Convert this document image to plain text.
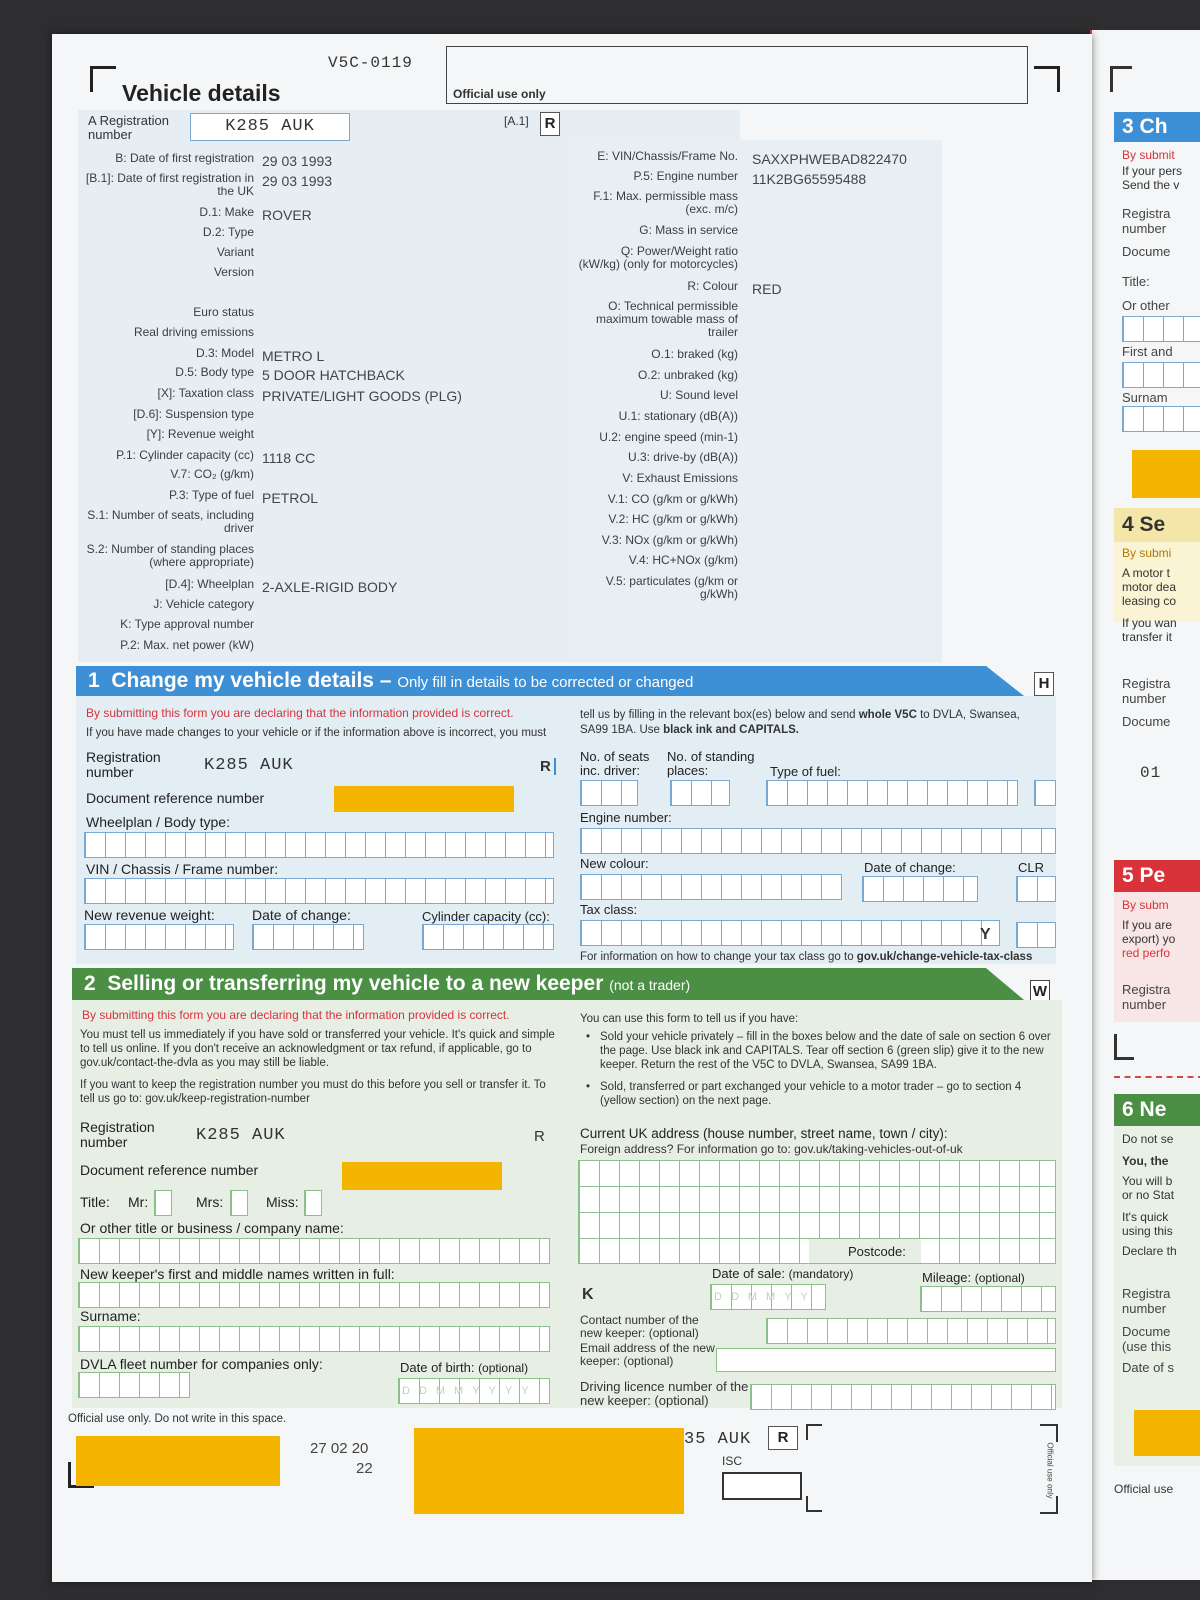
3 Ch
By submit
If your pers
Send the v
Registra number
Docume
Title:
Or other
First and
Surnam
4 Se
By submi
A motor t
motor dea
leasing co
If you wan
transfer it
Registra number
Docume
01
5 Pe
By subm
If you are
export) yo
red perfo
Registra number
6 Ne
Do not se
You, the
You will b
or no Stat
It's quick
using this
Declare th
Registra number
Docume (use this
Date of s
Official use
Vehicle details
V5C-0119
Official use only
A Registration number	K285 AUK	[A.1]	R
B: Date of first registration 29 03 1993
[B.1]: Date of first registration in the UK
29 03 1993
D.1: Make ROVER
D.2: Type
Variant
Version
Euro status
Real driving emissions
D.3: Model METRO L
D.5: Body type 5 DOOR HATCHBACK
[X]: Taxation class PRIVATE/LIGHT GOODS (PLG)
[D.6]: Suspension type
[Y]: Revenue weight
P.1: Cylinder capacity (cc) 1118 CC
V.7: CO₂ (g/km)
P.3: Type of fuel PETROL
S.1: Number of seats, including driver
S.2: Number of standing places (where appropriate)
[D.4]: Wheelplan 2-AXLE-RIGID BODY
J: Vehicle category
K: Type approval number
P.2: Max. net power (kW)
E: VIN/Chassis/Frame No. SAXXPHWEBAD822470
P.5: Engine number 11K2BG65595488
F.1: Max. permissible mass (exc. m/c)
G: Mass in service
Q: Power/Weight ratio (kW/kg) (only for motorcycles)
R: Colour RED
O: Technical permissible maximum towable mass of trailer
O.1: braked (kg)
O.2: unbraked (kg)
U: Sound level
U.1: stationary (dB(A))
U.2: engine speed (min-1)
U.3: drive-by (dB(A))
V: Exhaust Emissions
V.1: CO (g/km or g/kWh)
V.2: HC (g/km or g/kWh)
V.3: NOx (g/km or g/kWh)
V.4: HC+NOx (g/km)
V.5: particulates (g/km or g/kWh)
1 Change my vehicle details – Only fill in details to be corrected or changed	H
By submitting this form you are declaring that the information provided is correct.
If you have made changes to your vehicle or if the information above is incorrect, you must
tell us by filling in the relevant box(es) below and send whole V5C to DVLA, Swansea, SA99 1BA. Use black ink and CAPITALS.
Registration number	K285 AUK	R
Document reference number
Wheelplan / Body type:
VIN / Chassis / Frame number:
New revenue weight:	Date of change:	Cylinder capacity (cc):
No. of seats inc. driver:
No. of standing places:	Type of fuel:
Engine number:
New colour:	Date of change:	CLR
Tax class:
Y
For information on how to change your tax class go to gov.uk/change-vehicle-tax-class
2 Selling or transferring my vehicle to a new keeper (not a trader)	W
By submitting this form you are declaring that the information provided is correct.
You must tell us immediately if you have sold or transferred your vehicle. It's quick and simple to tell us online. If you don't receive an acknowledgment or tax refund, if applicable, go to gov.uk/contact-the-dvla as you may still be liable.
If you want to keep the registration number you must do this before you sell or transfer it. To tell us go to: gov.uk/keep-registration-number
You can use this form to tell us if you have:
• Sold your vehicle privately – fill in the boxes below and the date of sale on section 6 over the page. Use black ink and CAPITALS. Tear off section 6 (green slip) give it to the new keeper. Return the rest of the V5C to DVLA, Swansea, SA99 1BA.
• Sold, transferred or part exchanged your vehicle to a motor trader – go to section 4 (yellow section) on the next page.
Registration number	K285 AUK	R
Document reference number
Title: Mr:	Mrs:	Miss:
Or other title or business / company name:
New keeper's first and middle names written in full:
Surname:
DVLA fleet number for companies only:	Date of birth: (optional)
DDMMYYYY
Current UK address (house number, street name, town / city):
Foreign address? For information go to: gov.uk/taking-vehicles-out-of-uk
Postcode:
K
Date of sale: (mandatory)
DDMMYY
Mileage: (optional)
Contact number of the new keeper: (optional)
Email address of the new keeper: (optional)
Driving licence number of the new keeper: (optional)
Official use only. Do not write in this space.
27 02 20
22
35 AUK	R
ISC	Official use only
